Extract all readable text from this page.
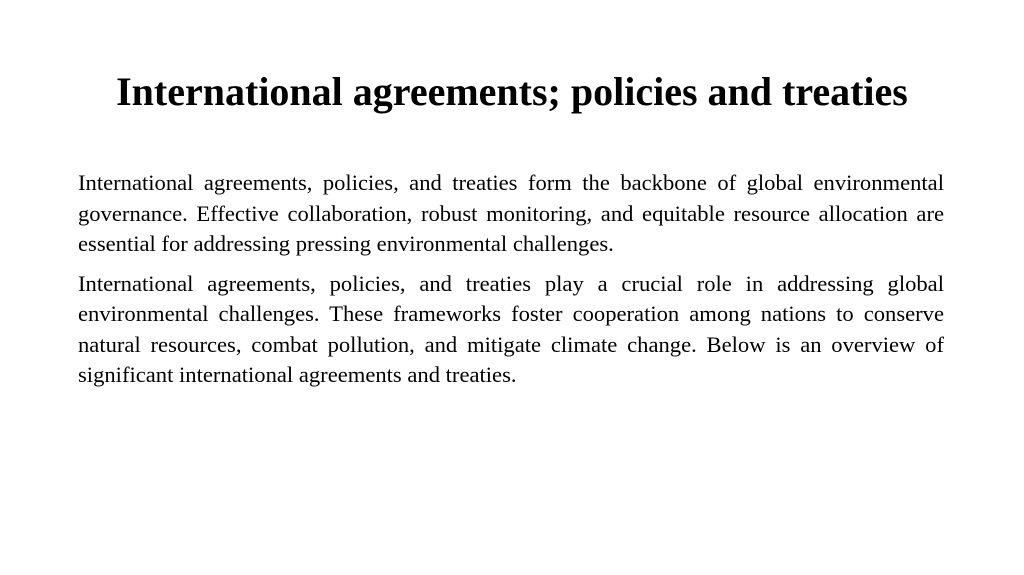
International agreements; policies and treaties

International agreements, policies, and treaties form the backbone of global environmental governance. Effective collaboration, robust monitoring, and equitable resource allocation are essential for addressing pressing environmental challenges.

International agreements, policies, and treaties play a crucial role in addressing global environmental challenges. These frameworks foster cooperation among nations to conserve natural resources, combat pollution, and mitigate climate change. Below is an overview of significant international agreements and treaties.
